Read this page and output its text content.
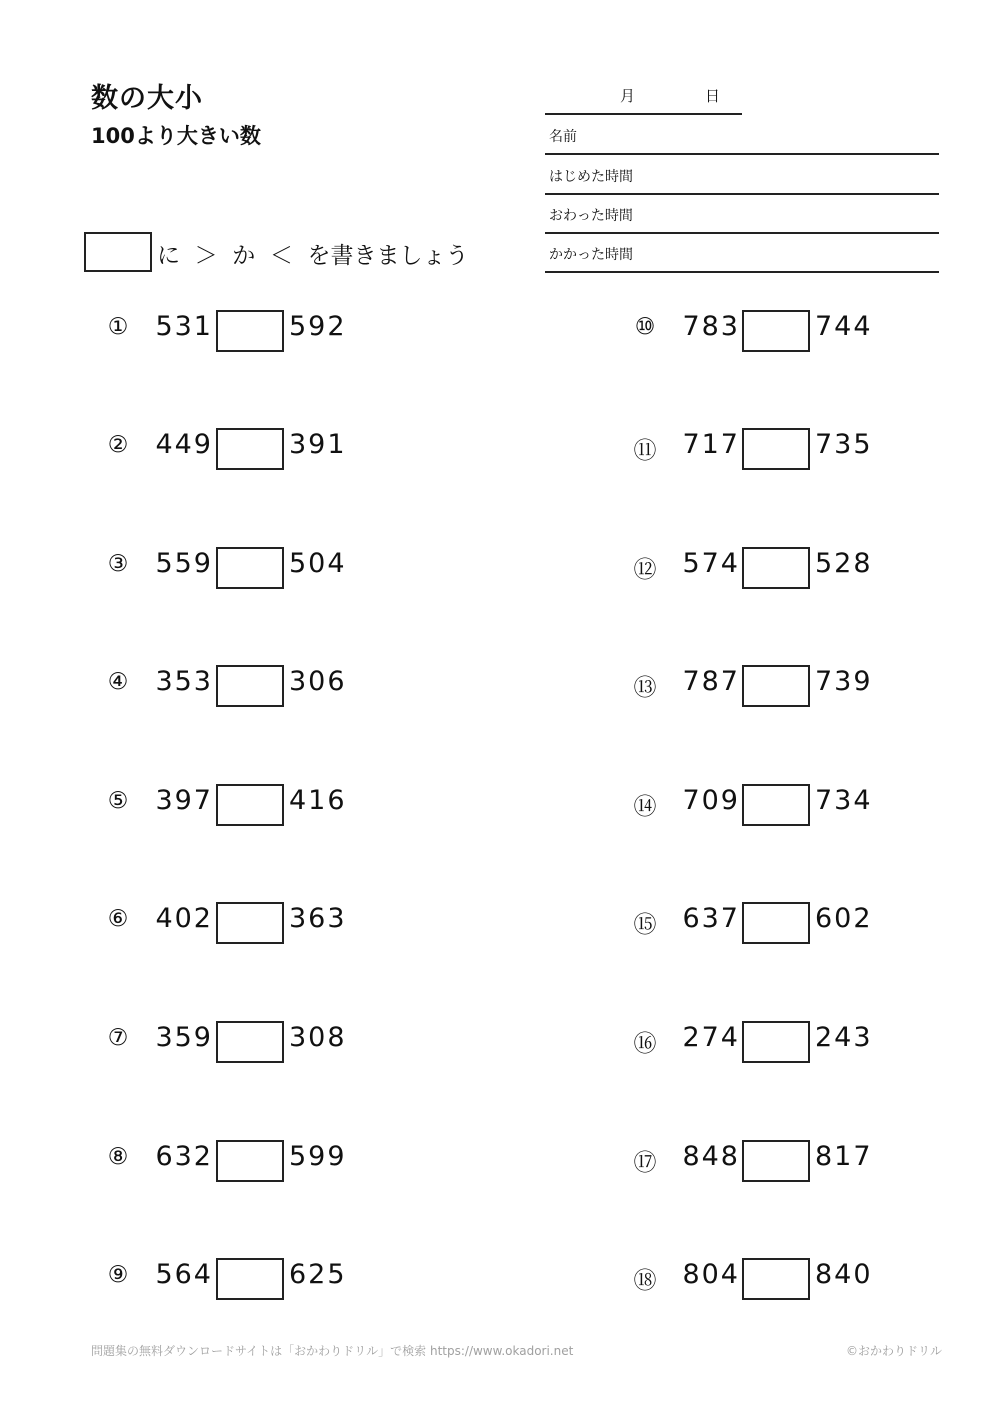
数の大小
100より大きい数
月	日
名前
はじめた時間
おわった時間
かかった時間
に  ＞  か  ＜  を書きましょう
① 531	592
② 449	391
③ 559	504
④ 353	306
⑤ 397	416
⑥ 402	363
⑦ 359	308
⑧ 632	599
⑨ 564	625
⑩ 783	744
⑪ 717	735
⑫ 574	528
⑬ 787	739
⑭ 709	734
⑮ 637	602
⑯ 274	243
⑰ 848	817
⑱ 804	840
問題集の無料ダウンロードサイトは「おかわりドリル」で検索 https://www.okadori.net	©おかわりドリル
